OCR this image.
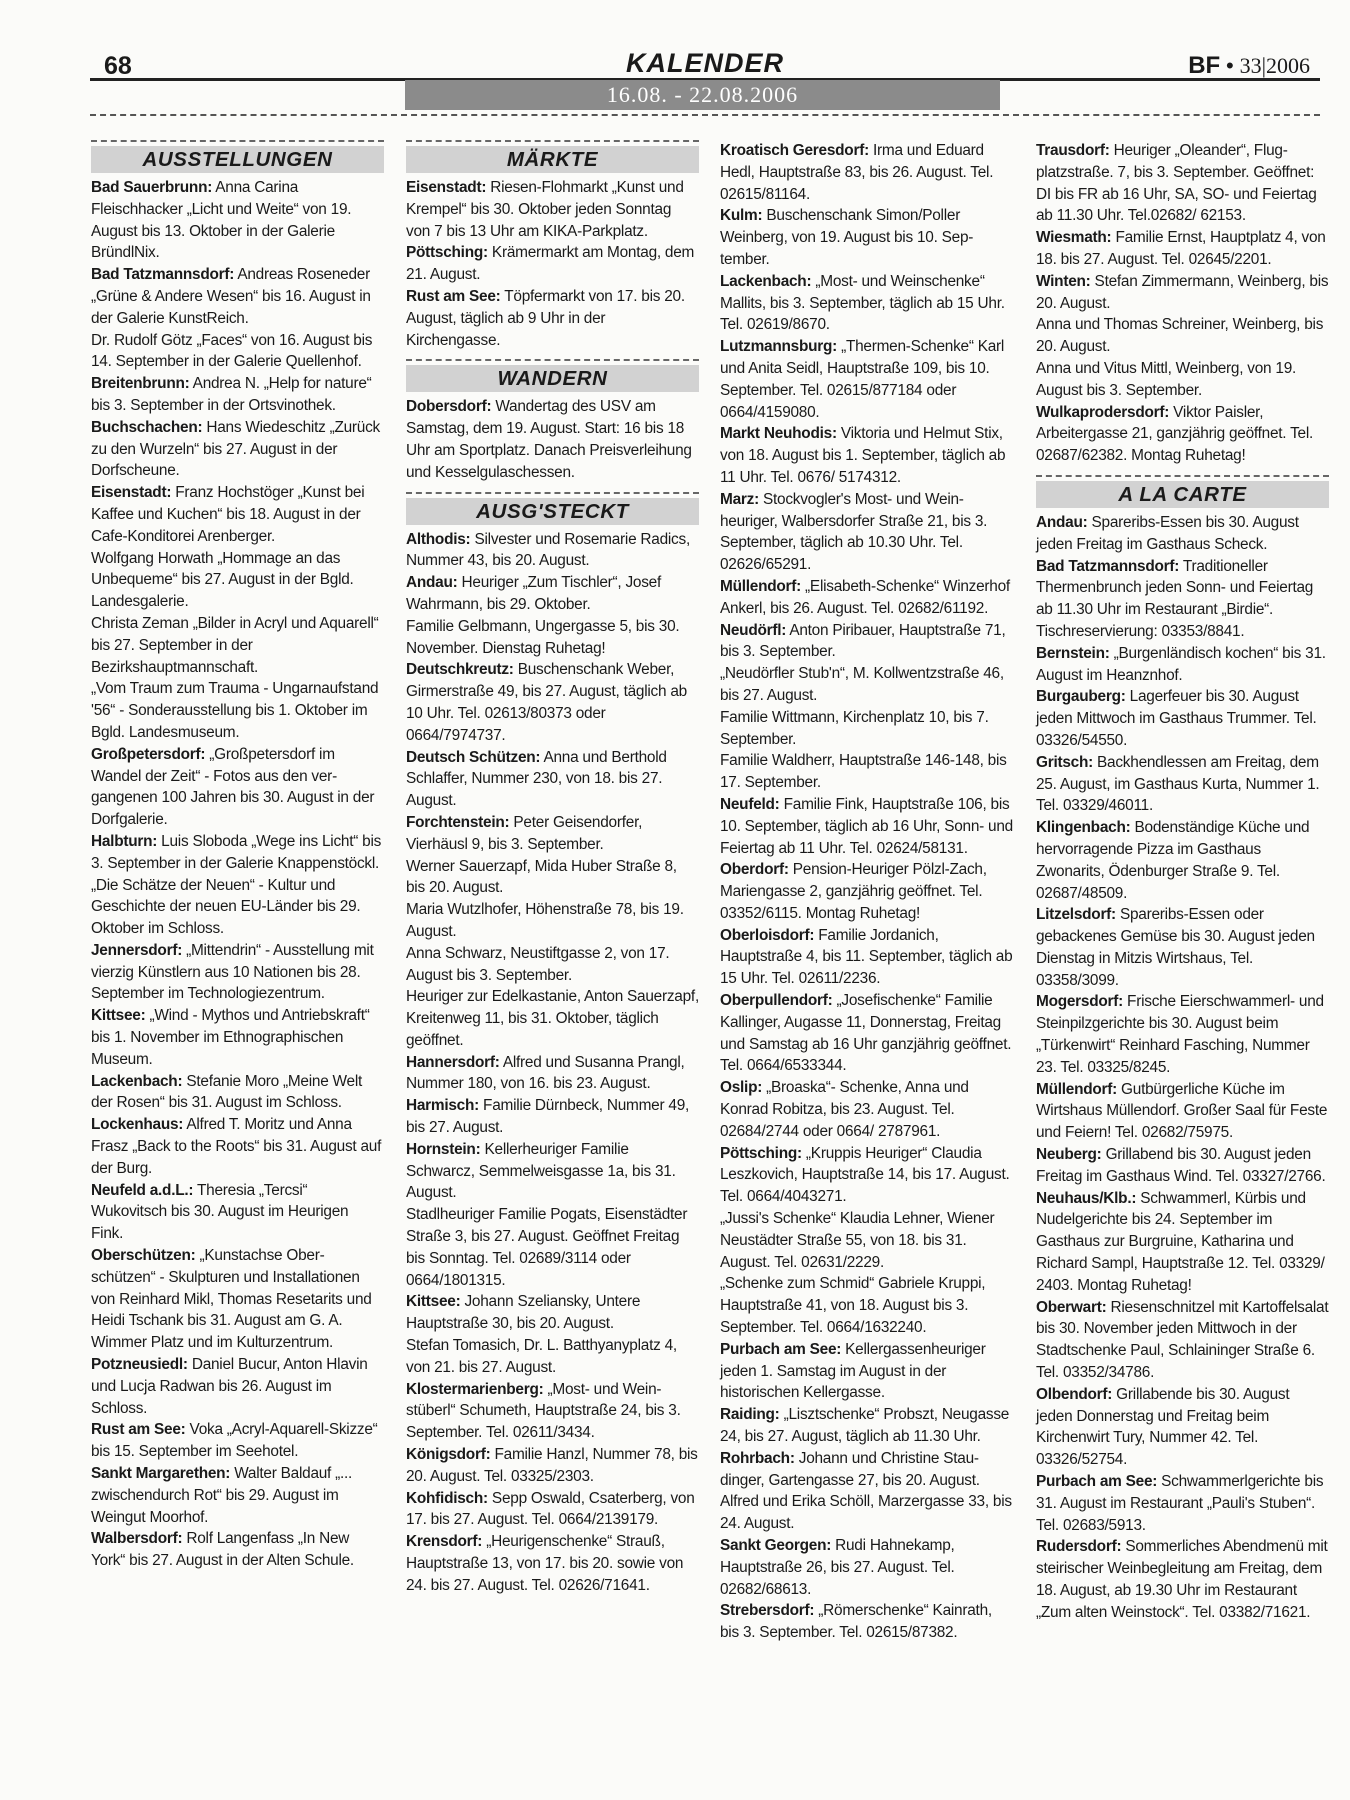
68	KALENDER	BF • 33|2006
16.08. - 22.08.2006
AUSSTELLUNGEN
Bad Sauerbrunn: Anna Carina Fleischhacker „Licht und Weite“ von 19. August bis 13. Oktober in der Galerie BründlNix.
Bad Tatzmannsdorf: Andreas Roseneder „Grüne & Andere Wesen“ bis 16. August in der Galerie KunstReich.
Dr. Rudolf Götz „Faces“ von 16. August bis 14. September in der Galerie Quellenhof.
Breitenbrunn: Andrea N. „Help for nature“ bis 3. September in der Ortsvinothek.
Buchschachen: Hans Wiedeschitz „Zurück zu den Wurzeln“ bis 27. August in der Dorfscheune.
Eisenstadt: Franz Hochstöger „Kunst bei Kaffee und Kuchen“ bis 18. August in der Cafe-Konditorei Arenberger.
Wolfgang Horwath „Hommage an das Unbequeme“ bis 27. August in der Bgld. Landesgalerie.
Christa Zeman „Bilder in Acryl und Aquarell“ bis 27. September in der Bezirkshauptmannschaft.
„Vom Traum zum Trauma - Ungarnaufstand '56“ - Sonderausstellung bis 1. Oktober im Bgld. Landesmuseum.
Großpetersdorf: „Großpetersdorf im Wandel der Zeit“ - Fotos aus den vergangenen 100 Jahren bis 30. August in der Dorfgalerie.
Halbturn: Luis Sloboda „Wege ins Licht“ bis 3. September in der Galerie Knappenstöckl.
„Die Schätze der Neuen“ - Kultur und Geschichte der neuen EU-Länder bis 29. Oktober im Schloss.
Jennersdorf: „Mittendrin“ - Ausstellung mit vierzig Künstlern aus 10 Nationen bis 28. September im Technologiezentrum.
Kittsee: „Wind - Mythos und Antriebskraft“ bis 1. November im Ethnographischen Museum.
Lackenbach: Stefanie Moro „Meine Welt der Rosen“ bis 31. August im Schloss.
Lockenhaus: Alfred T. Moritz und Anna Frasz „Back to the Roots“ bis 31. August auf der Burg.
Neufeld a.d.L.: Theresia „Tercsi“ Wukovitsch bis 30. August im Heurigen Fink.
Oberschützen: „Kunstachse Oberschützen“ - Skulpturen und Installationen von Reinhard Mikl, Thomas Resetarits und Heidi Tschank bis 31. August am G. A. Wimmer Platz und im Kulturzentrum.
Potzneusiedl: Daniel Bucur, Anton Hlavin und Lucja Radwan bis 26. August im Schloss.
Rust am See: Voka „Acryl-Aquarell-Skizze“ bis 15. September im Seehotel.
Sankt Margarethen: Walter Baldauf „... zwischendurch Rot“ bis 29. August im Weingut Moorhof.
Walbersdorf: Rolf Langenfass „In New York“ bis 27. August in der Alten Schule.
MÄRKTE
Eisenstadt: Riesen-Flohmarkt „Kunst und Krempel“ bis 30. Oktober jeden Sonntag von 7 bis 13 Uhr am KIKA-Parkplatz.
Pöttsching: Krämermarkt am Montag, dem 21. August.
Rust am See: Töpfermarkt von 17. bis 20. August, täglich ab 9 Uhr in der Kirchengasse.
WANDERN
Dobersdorf: Wandertag des USV am Samstag, dem 19. August. Start: 16 bis 18 Uhr am Sportplatz. Danach Preisverleihung und Kesselgulaschessen.
AUSG'STECKT
Althodis: Silvester und Rosemarie Radics, Nummer 43, bis 20. August.
Andau: Heuriger „Zum Tischler“, Josef Wahrmann, bis 29. Oktober.
Familie Gelbmann, Ungergasse 5, bis 30. November. Dienstag Ruhetag!
Deutschkreutz: Buschenschank Weber, Girmerstraße 49, bis 27. August, täglich ab 10 Uhr. Tel. 02613/80373 oder 0664/7974737.
Deutsch Schützen: Anna und Berthold Schlaffer, Nummer 230, von 18. bis 27. August.
Forchtenstein: Peter Geisendorfer, Vierhäusl 9, bis 3. September.
Werner Sauerzapf, Mida Huber Straße 8, bis 20. August.
Maria Wutzlhofer, Höhenstraße 78, bis 19. August.
Anna Schwarz, Neustiftgasse 2, von 17. August bis 3. September.
Heuriger zur Edelkastanie, Anton Sauerzapf, Kreitenweg 11, bis 31. Oktober, täglich geöffnet.
Hannersdorf: Alfred und Susanna Prangl, Nummer 180, von 16. bis 23. August.
Harmisch: Familie Dürnbeck, Nummer 49, bis 27. August.
Hornstein: Kellerheuriger Familie Schwarcz, Semmelweisgasse 1a, bis 31. August.
Stadlheuriger Familie Pogats, Eisenstädter Straße 3, bis 27. August. Geöffnet Freitag bis Sonntag. Tel. 02689/3114 oder 0664/1801315.
Kittsee: Johann Szeliansky, Untere Hauptstraße 30, bis 20. August.
Stefan Tomasich, Dr. L. Batthyanyplatz 4, von 21. bis 27. August.
Klostermarienberg: „Most- und Weinstüberl“ Schumeth, Hauptstraße 24, bis 3. September. Tel. 02611/3434.
Königsdorf: Familie Hanzl, Nummer 78, bis 20. August. Tel. 03325/2303.
Kohfidisch: Sepp Oswald, Csaterberg, von 17. bis 27. August. Tel. 0664/2139179.
Krensdorf: „Heurigenschenke“ Strauß, Hauptstraße 13, von 17. bis 20. sowie von 24. bis 27. August. Tel. 02626/71641.
Kroatisch Geresdorf: Irma und Eduard Hedl, Hauptstraße 83, bis 26. August. Tel. 02615/81164.
Kulm: Buschenschank Simon/Poller Weinberg, von 19. August bis 10. September.
Lackenbach: „Most- und Weinschenke“ Mallits, bis 3. September, täglich ab 15 Uhr. Tel. 02619/8670.
Lutzmannsburg: „Thermen-Schenke“ Karl und Anita Seidl, Hauptstraße 109, bis 10. September. Tel. 02615/877184 oder 0664/4159080.
Markt Neuhodis: Viktoria und Helmut Stix, von 18. August bis 1. September, täglich ab 11 Uhr. Tel. 0676/ 5174312.
Marz: Stockvogler's Most- und Weinheuriger, Walbersdorfer Straße 21, bis 3. September, täglich ab 10.30 Uhr. Tel. 02626/65291.
Müllendorf: „Elisabeth-Schenke“ Winzerhof Ankerl, bis 26. August. Tel. 02682/61192.
Neudörfl: Anton Piribauer, Hauptstraße 71, bis 3. September.
„Neudörfler Stub'n“, M. Kollwentzstraße 46, bis 27. August.
Familie Wittmann, Kirchenplatz 10, bis 7. September.
Familie Waldherr, Hauptstraße 146-148, bis 17. September.
Neufeld: Familie Fink, Hauptstraße 106, bis 10. September, täglich ab 16 Uhr, Sonn- und Feiertag ab 11 Uhr. Tel. 02624/58131.
Oberdorf: Pension-Heuriger Pölzl-Zach, Mariengasse 2, ganzjährig geöffnet. Tel. 03352/6115. Montag Ruhetag!
Oberloisdorf: Familie Jordanich, Hauptstraße 4, bis 11. September, täglich ab 15 Uhr. Tel. 02611/2236.
Oberpullendorf: „Josefischenke“ Familie Kallinger, Augasse 11, Donnerstag, Freitag und Samstag ab 16 Uhr ganzjährig geöffnet. Tel. 0664/6533344.
Oslip: „Broaska“- Schenke, Anna und Konrad Robitza, bis 23. August. Tel. 02684/2744 oder 0664/ 2787961.
Pöttsching: „Kruppis Heuriger“ Claudia Leszkovich, Hauptstraße 14, bis 17. August. Tel. 0664/4043271.
„Jussi's Schenke“ Klaudia Lehner, Wiener Neustädter Straße 55, von 18. bis 31. August. Tel. 02631/2229.
„Schenke zum Schmid“ Gabriele Kruppi, Hauptstraße 41, von 18. August bis 3. September. Tel. 0664/1632240.
Purbach am See: Kellergassenheuriger jeden 1. Samstag im August in der historischen Kellergasse.
Raiding: „Lisztschenke“ Probszt, Neugasse 24, bis 27. August, täglich ab 11.30 Uhr.
Rohrbach: Johann und Christine Staudinger, Gartengasse 27, bis 20. August.
Alfred und Erika Schöll, Marzergasse 33, bis 24. August.
Sankt Georgen: Rudi Hahnekamp, Hauptstraße 26, bis 27. August. Tel. 02682/68613.
Strebersdorf: „Römerschenke“ Kainrath, bis 3. September. Tel. 02615/87382.
Trausdorf: Heuriger „Oleander“, Flugplatzstraße. 7, bis 3. September. Geöffnet: DI bis FR ab 16 Uhr, SA, SO- und Feiertag ab 11.30 Uhr. Tel.02682/ 62153.
Wiesmath: Familie Ernst, Hauptplatz 4, von 18. bis 27. August. Tel. 02645/2201.
Winten: Stefan Zimmermann, Weinberg, bis 20. August.
Anna und Thomas Schreiner, Weinberg, bis 20. August.
Anna und Vitus Mittl, Weinberg, von 19. August bis 3. September.
Wulkaprodersdorf: Viktor Paisler, Arbeitergasse 21, ganzjährig geöffnet. Tel. 02687/62382. Montag Ruhetag!
A LA CARTE
Andau: Spareribs-Essen bis 30. August jeden Freitag im Gasthaus Scheck.
Bad Tatzmannsdorf: Traditioneller Thermenbrunch jeden Sonn- und Feiertag ab 11.30 Uhr im Restaurant „Birdie“. Tischreservierung: 03353/8841.
Bernstein: „Burgenländisch kochen“ bis 31. August im Heanznhof.
Burgauberg: Lagerfeuer bis 30. August jeden Mittwoch im Gasthaus Trummer. Tel. 03326/54550.
Gritsch: Backhendlessen am Freitag, dem 25. August, im Gasthaus Kurta, Nummer 1. Tel. 03329/46011.
Klingenbach: Bodenständige Küche und hervorragende Pizza im Gasthaus Zwonarits, Ödenburger Straße 9. Tel. 02687/48509.
Litzelsdorf: Spareribs-Essen oder gebackenes Gemüse bis 30. August jeden Dienstag in Mitzis Wirtshaus, Tel. 03358/3099.
Mogersdorf: Frische Eierschwammerl- und Steinpilzgerichte bis 30. August beim „Türkenwirt“ Reinhard Fasching, Nummer 23. Tel. 03325/8245.
Müllendorf: Gutbürgerliche Küche im Wirtshaus Müllendorf. Großer Saal für Feste und Feiern! Tel. 02682/75975.
Neuberg: Grillabend bis 30. August jeden Freitag im Gasthaus Wind. Tel. 03327/2766.
Neuhaus/Klb.: Schwammerl, Kürbis und Nudelgerichte bis 24. September im Gasthaus zur Burgruine, Katharina und Richard Sampl, Hauptstraße 12. Tel. 03329/ 2403. Montag Ruhetag!
Oberwart: Riesenschnitzel mit Kartoffelsalat bis 30. November jeden Mittwoch in der Stadtschenke Paul, Schlaininger Straße 6. Tel. 03352/34786.
Olbendorf: Grillabende bis 30. August jeden Donnerstag und Freitag beim Kirchenwirt Tury, Nummer 42. Tel. 03326/52754.
Purbach am See: Schwammerlgerichte bis 31. August im Restaurant „Pauli's Stuben“. Tel. 02683/5913.
Rudersdorf: Sommerliches Abendmenü mit steirischer Weinbegleitung am Freitag, dem 18. August, ab 19.30 Uhr im Restaurant „Zum alten Weinstock“. Tel. 03382/71621.
